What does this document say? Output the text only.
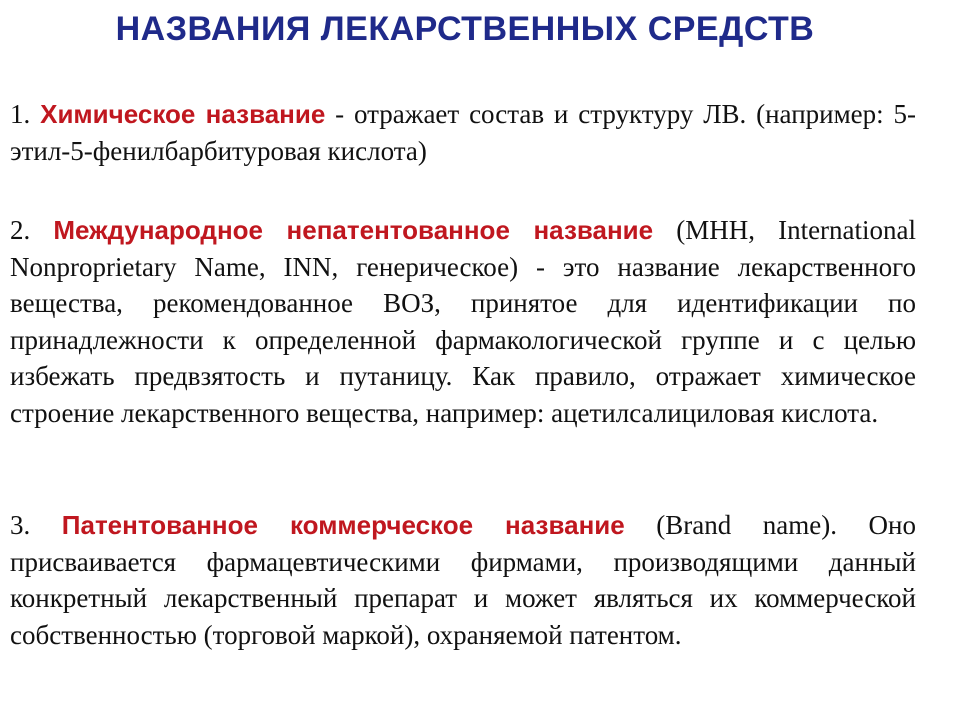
НАЗВАНИЯ ЛЕКАРСТВЕННЫХ СРЕДСТВ

1. Химическое название - отражает состав и структуру ЛВ. (например: 5-этил-5-фенилбарбитуровая кислота)

2. Международное непатентованное название (МНН, International Nonproprietary Name, INN, генерическое) - это название лекарственного вещества, рекомендованное ВОЗ, принятое для идентификации по принадлежности к определенной фармакологической группе и с целью избежать предвзятость и путаницу. Как правило, отражает химическое строение лекарственного вещества, например: ацетилсалициловая кислота.

3. Патентованное коммерческое название (Brand name). Оно присваивается фармацевтическими фирмами, производящими данный конкретный лекарственный препарат и может являться их коммерческой собственностью (торговой маркой), охраняемой патентом.
